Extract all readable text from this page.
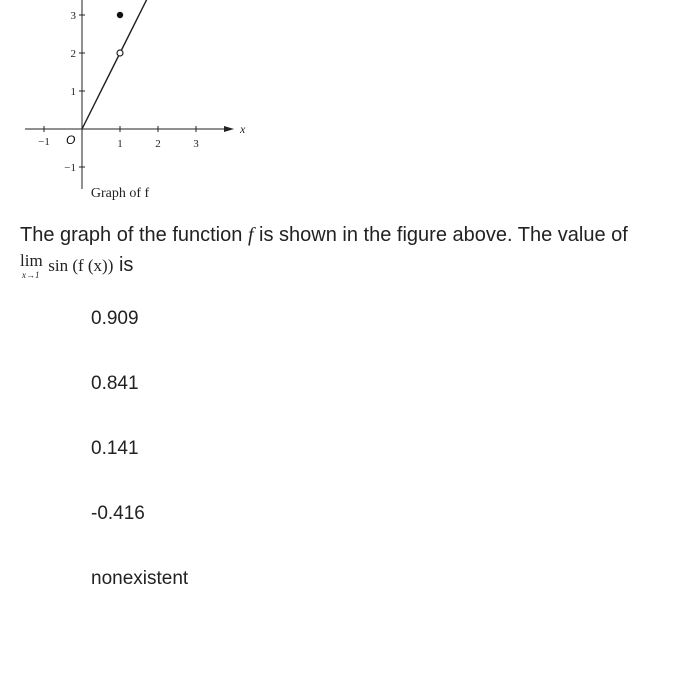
−1	1	2	3
−1
1
2
3
x
O
Graph of f
The graph of the function f is shown in the figure above. The value of

lim
x→1 sin (f (x)) is
0.909
0.841
0.141
-0.416
nonexistent
